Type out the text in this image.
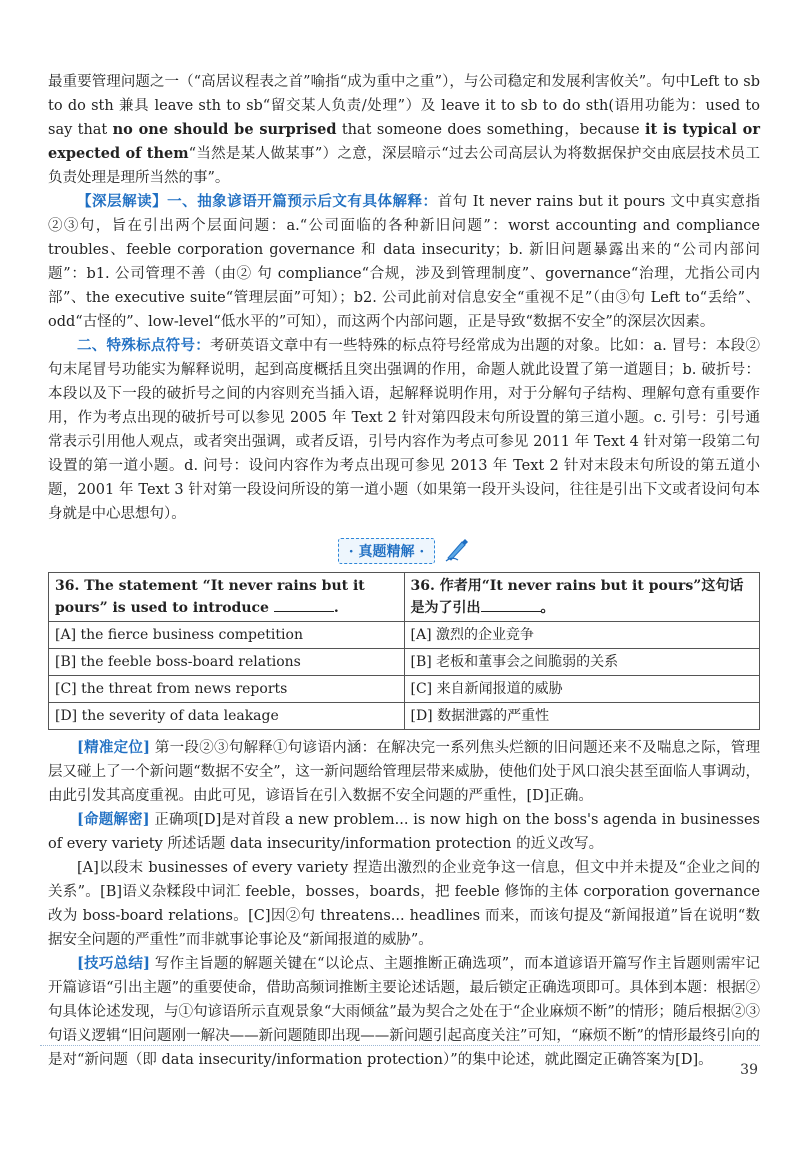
最重要管理问题之一（“高居议程表之首”喻指“成为重中之重”），与公司稳定和发展利害攸关”。句中Left to sb to do sth 兼具 leave sth to sb“留交某人负责/处理”）及 leave it to sb to do sth(语用功能为：used to say that no one should be surprised that someone does something，because it is typical or expected of them“当然是某人做某事”）之意，深层暗示“过去公司高层认为将数据保护交由底层技术员工负责处理是理所当然的事”。

【深层解读】一、抽象谚语开篇预示后文有具体解释：首句 It never rains but it pours 文中真实意指②③句，旨在引出两个层面问题：a.“公司面临的各种新旧问题”：worst accounting and compliance troubles、feeble corporation governance 和 data insecurity；b. 新旧问题暴露出来的“公司内部问题”：b1. 公司管理不善（由② 句 compliance“合规，涉及到管理制度”、governance“治理，尤指公司内部”、the executive suite“管理层面”可知）；b2. 公司此前对信息安全“重视不足”（由③句 Left to“丢给”、odd“古怪的”、low-level“低水平的”可知），而这两个内部问题，正是导致“数据不安全”的深层次因素。

二、特殊标点符号：考研英语文章中有一些特殊的标点符号经常成为出题的对象。比如：a. 冒号：本段②句末尾冒号功能实为解释说明，起到高度概括且突出强调的作用，命题人就此设置了第一道题目；b. 破折号：本段以及下一段的破折号之间的内容则充当插入语，起解释说明作用，对于分解句子结构、理解句意有重要作用，作为考点出现的破折号可以参见 2005 年 Text 2 针对第四段末句所设置的第三道小题。c. 引号：引号通常表示引用他人观点，或者突出强调，或者反语，引号内容作为考点可参见 2011 年 Text 4 针对第一段第二句设置的第一道小题。d. 问号：设问内容作为考点出现可参见 2013 年 Text 2 针对末段末句所设的第五道小题，2001 年 Text 3 针对第一段设问所设的第一道小题（如果第一段开头设问，往往是引出下文或者设问句本身就是中心思想句）。

· 真题精解 ·
36. The statement “It never rains but it pours” is used to introduce .	36. 作者用“It never rains but it pours”这句话是为了引出 。
[A] the fierce business competition	[A] 激烈的企业竞争
[B] the feeble boss-board relations	[B] 老板和董事会之间脆弱的关系
[C] the threat from news reports	[C] 来自新闻报道的威胁
[D] the severity of data leakage	[D] 数据泄露的严重性

[精准定位] 第一段②③句解释①句谚语内涵：在解决完一系列焦头烂额的旧问题还来不及喘息之际，管理层又碰上了一个新问题“数据不安全”，这一新问题给管理层带来威胁，使他们处于风口浪尖甚至面临人事调动，由此引发其高度重视。由此可见，谚语旨在引入数据不安全问题的严重性，[D]正确。

[命题解密] 正确项[D]是对首段 a new problem... is now high on the boss's agenda in businesses of every variety 所述话题 data insecurity/information protection 的近义改写。

[A]以段末 businesses of every variety 捏造出激烈的企业竞争这一信息，但文中并未提及“企业之间的关系”。[B]语义杂糅段中词汇 feeble，bosses，boards，把 feeble 修饰的主体 corporation governance 改为 boss-board relations。[C]因②句 threatens... headlines 而来，而该句提及“新闻报道”旨在说明“数据安全问题的严重性”而非就事论事论及“新闻报道的威胁”。

[技巧总结] 写作主旨题的解题关键在“以论点、主题推断正确选项”，而本道谚语开篇写作主旨题则需牢记开篇谚语“引出主题”的重要使命，借助高频词推断主要论述话题，最后锁定正确选项即可。具体到本题：根据②句具体论述发现，与①句谚语所示直观景象“大雨倾盆”最为契合之处在于“企业麻烦不断”的情形；随后根据②③句语义逻辑“旧问题刚一解决——新问题随即出现——新问题引起高度关注”可知，“麻烦不断”的情形最终引向的是对“新问题（即 data insecurity/information protection）”的集中论述，就此圈定正确答案为[D]。

39
